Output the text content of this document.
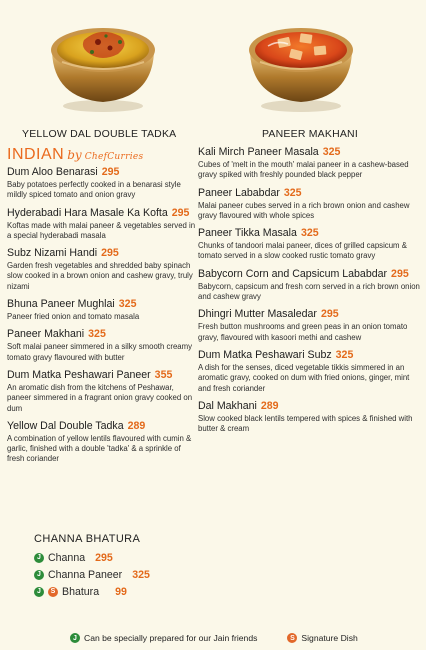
YELLOW DAL DOUBLE TADKA	PANEER MAKHANI
INDIAN by ChefCurries
Dum Aloo Benarasi 295
Baby potatoes perfectly cooked in a benarasi style mildly spiced tomato and onion gravy
Hyderabadi Hara Masale Ka Kofta 295
Koftas made with malai paneer & vegetables served in a special hyderabadi masala
Subz Nizami Handi 295
Garden fresh vegetables and shredded baby spinach slow cooked in a brown onion and cashew gravy, truly nizami
Bhuna Paneer Mughlai 325
Paneer fried onion and tomato masala
Paneer Makhani 325
Soft malai paneer simmered in a silky smooth creamy tomato gravy flavoured with butter
Dum Matka Peshawari Paneer 355
An aromatic dish from the kitchens of Peshawar, paneer simmered in a fragrant onion gravy cooked on dum
Yellow Dal Double Tadka 289
A combination of yellow lentils flavoured with cumin & garlic, finished with a double 'tadka' & a sprinkle of fresh coriander
Kali Mirch Paneer Masala 325
Cubes of 'melt in the mouth' malai paneer in a cashew-based gravy spiked with freshly pounded black pepper
Paneer Lababdar 325
Malai paneer cubes served in a rich brown onion and cashew gravy flavoured with whole spices
Paneer Tikka Masala 325
Chunks of tandoori malai paneer, dices of grilled capsicum & tomato served in a slow cooked rustic tomato gravy
Babycorn Corn and Capsicum Lababdar 295
Babycorn, capsicum and fresh corn served in a rich brown onion and cashew gravy
Dhingri Mutter Masaledar 295
Fresh button mushrooms and green peas in an onion tomato gravy, flavoured with kasoori methi and cashew
Dum Matka Peshawari Subz 325
A dish for the senses, diced vegetable tikkis simmered in an aromatic gravy, cooked on dum with fried onions, ginger, mint and fresh coriander
Dal Makhani 289
Slow cooked black lentils tempered with spices & finished with butter & cream
CHANNA BHATURA
J Channa 295
J Channa Paneer 325
J	S Bhatura 99
J Can be specially prepared for our Jain friends	S Signature Dish
